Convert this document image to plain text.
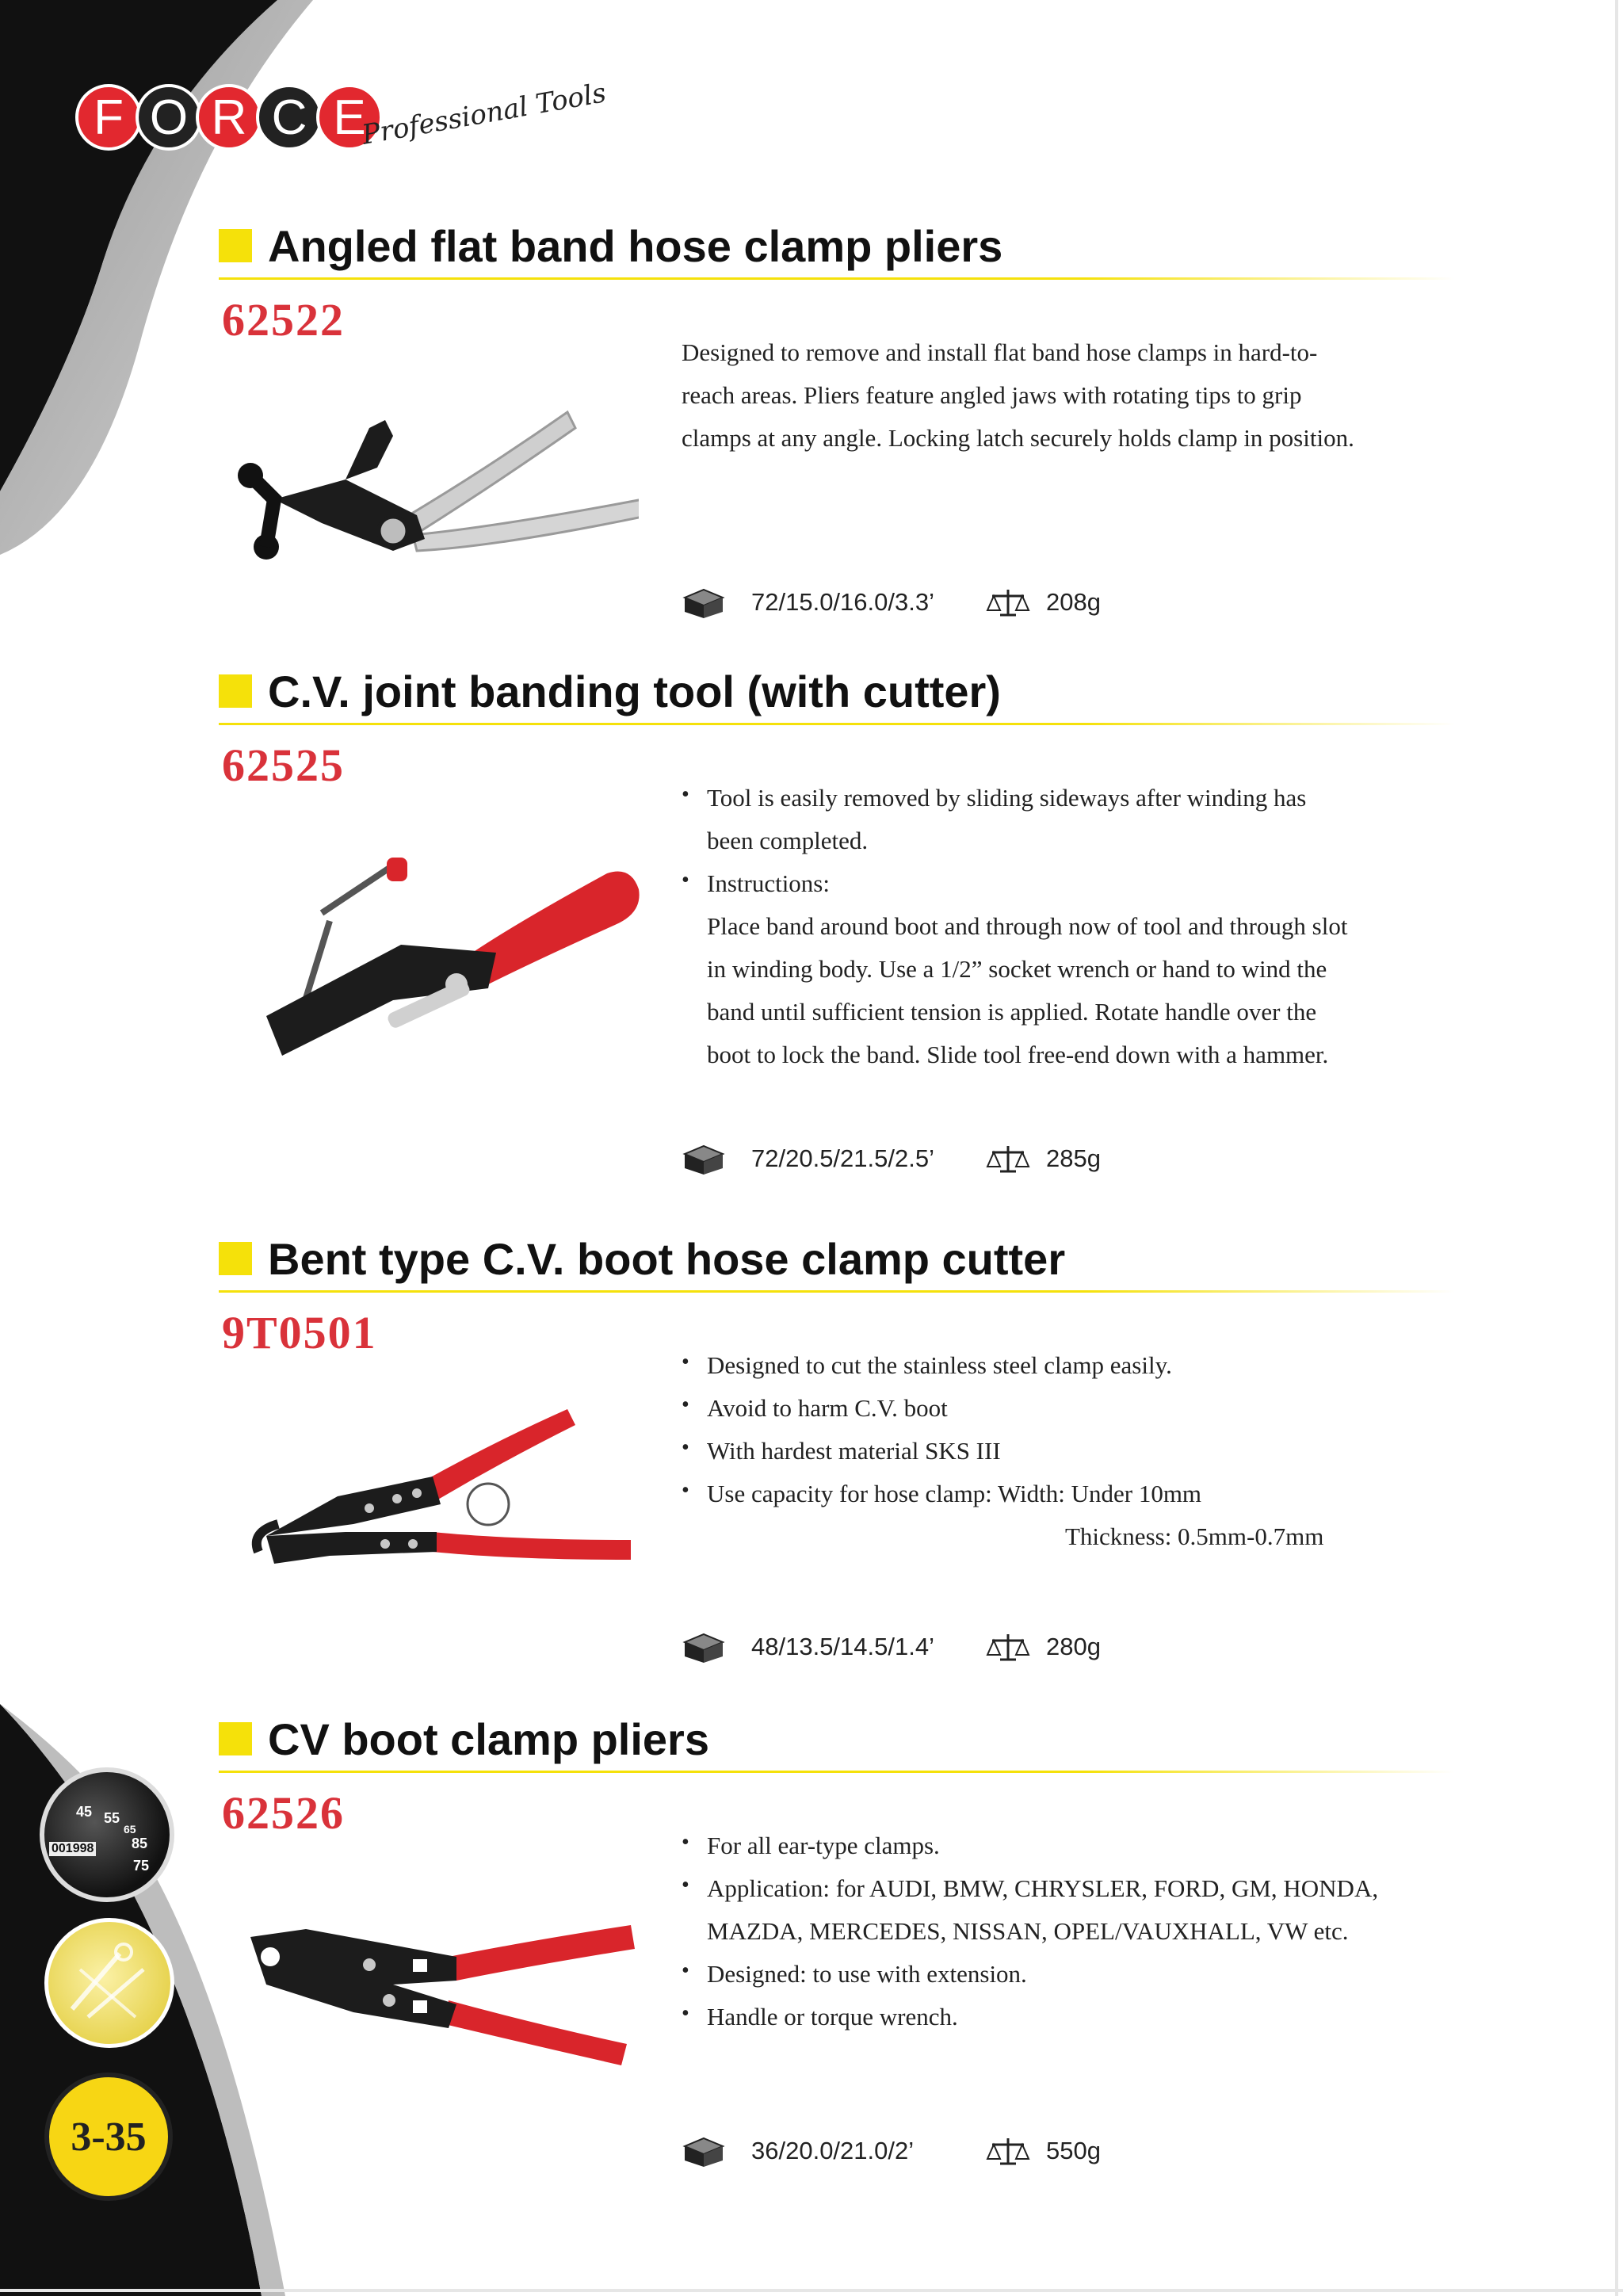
F O R C E
Professional Tools
Angled flat band hose clamp pliers
62522
Designed to remove and install flat band hose clamps in hard-to-
reach areas. Pliers feature angled jaws with rotating tips to grip
clamps at any angle. Locking latch securely holds clamp in position.
72/15.0/16.0/3.3’	208g
C.V. joint banding tool (with cutter)
62525
• Tool is easily removed by sliding sideways after winding has
been completed.
• Instructions:
Place band around boot and through now of tool and through slot
in winding body. Use a 1/2” socket wrench or hand to wind the
band until sufficient tension is applied. Rotate handle over the
boot to lock the band. Slide tool free-end down with a hammer.
72/20.5/21.5/2.5’	285g
Bent type C.V. boot hose clamp cutter
9T0501
• Designed to cut the stainless steel clamp easily.
• Avoid to harm C.V. boot
• With hardest material SKS III
• Use capacity for hose clamp: Width: Under 10mm
Thickness: 0.5mm-0.7mm
48/13.5/14.5/1.4’	280g
CV boot clamp pliers
62526
• For all ear-type clamps.
• Application: for AUDI, BMW, CHRYSLER, FORD, GM, HONDA,
MAZDA, MERCEDES, NISSAN, OPEL/VAUXHALL, VW etc.
• Designed: to use with extension.
• Handle or torque wrench.
36/20.0/21.0/2’	550g
45 55
65
85
75
001998
3-35
